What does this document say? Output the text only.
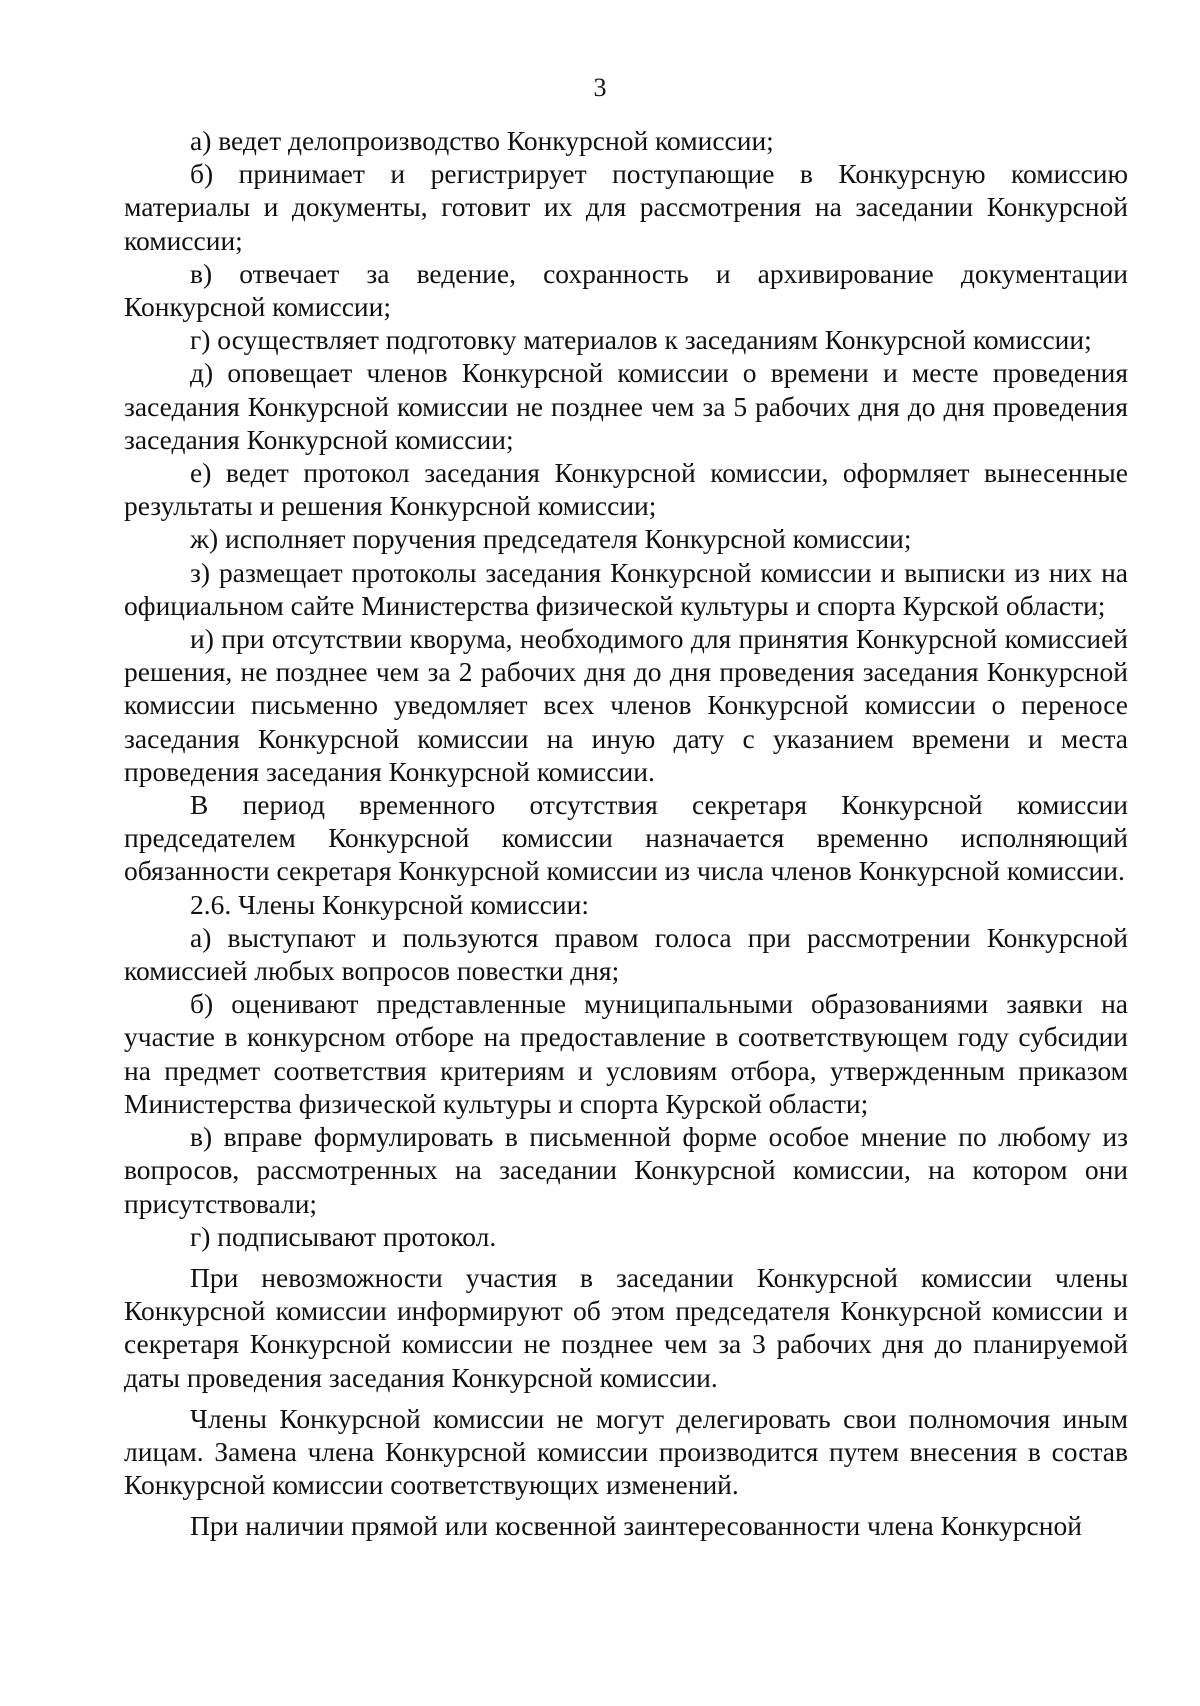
3

а) ведет делопроизводство Конкурсной комиссии;

б) принимает и регистрирует поступающие в Конкурсную комиссию материалы и документы, готовит их для рассмотрения на заседании Конкурсной комиссии;

в) отвечает за ведение, сохранность и архивирование документации Конкурсной комиссии;

г) осуществляет подготовку материалов к заседаниям Конкурсной комиссии;

д) оповещает членов Конкурсной комиссии о времени и месте проведения заседания Конкурсной комиссии не позднее чем за 5 рабочих дня до дня проведения заседания Конкурсной комиссии;

е) ведет протокол заседания Конкурсной комиссии, оформляет вынесенные результаты и решения Конкурсной комиссии;

ж) исполняет поручения председателя Конкурсной комиссии;

з) размещает протоколы заседания Конкурсной комиссии и выписки из них на официальном сайте Министерства физической культуры и спорта Курской области;

и) при отсутствии кворума, необходимого для принятия Конкурсной комиссией решения, не позднее чем за 2 рабочих дня до дня проведения заседания Конкурсной комиссии письменно уведомляет всех членов Конкурсной комиссии о переносе заседания Конкурсной комиссии на иную дату с указанием времени и места проведения заседания Конкурсной комиссии.

В период временного отсутствия секретаря Конкурсной комиссии председателем Конкурсной комиссии назначается временно исполняющий обязанности секретаря Конкурсной комиссии из числа членов Конкурсной комиссии.

2.6. Члены Конкурсной комиссии:

а) выступают и пользуются правом голоса при рассмотрении Конкурсной комиссией любых вопросов повестки дня;

б) оценивают представленные муниципальными образованиями заявки на участие в конкурсном отборе на предоставление в соответствующем году субсидии на предмет соответствия критериям и условиям отбора, утвержденным приказом Министерства физической культуры и спорта Курской области;

в) вправе формулировать в письменной форме особое мнение по любому из вопросов, рассмотренных на заседании Конкурсной комиссии, на котором они присутствовали;

г) подписывают протокол.

При невозможности участия в заседании Конкурсной комиссии члены Конкурсной комиссии информируют об этом председателя Конкурсной комиссии и секретаря Конкурсной комиссии не позднее чем за 3 рабочих дня до планируемой даты проведения заседания Конкурсной комиссии.

Члены Конкурсной комиссии не могут делегировать свои полномочия иным лицам. Замена члена Конкурсной комиссии производится путем внесения в состав Конкурсной комиссии соответствующих изменений.

При наличии прямой или косвенной заинтересованности члена Конкурсной
